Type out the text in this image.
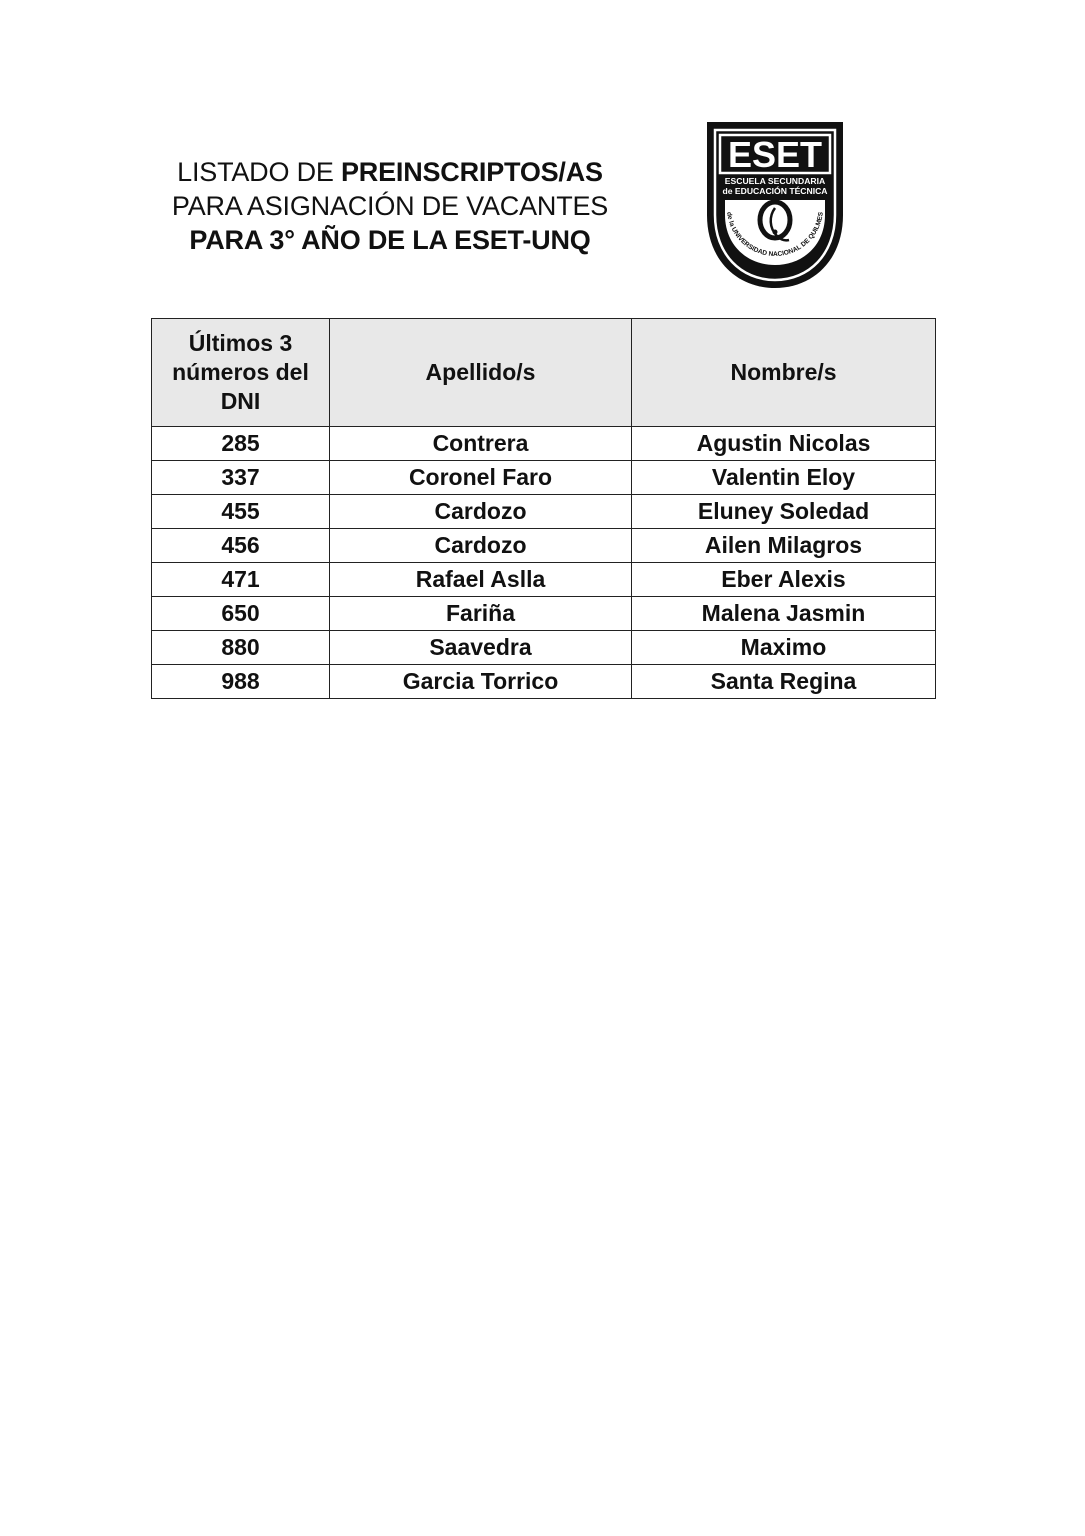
LISTADO DE PREINSCRIPTOS/AS
PARA ASIGNACIÓN DE VACANTES
PARA 3° AÑO DE LA ESET-UNQ
ESET
ESCUELA SECUNDARIA
de EDUCACIÓN TÉCNICA
de la UNIVERSIDAD NACIONAL DE QUILMES
Últimos 3
números del
DNI	Apellido/s	Nombre/s
285	Contrera	Agustin Nicolas
337	Coronel Faro	Valentin Eloy
455	Cardozo	Eluney Soledad
456	Cardozo	Ailen Milagros
471	Rafael Aslla	Eber Alexis
650	Fariña	Malena Jasmin
880	Saavedra	Maximo
988	Garcia Torrico	Santa Regina
